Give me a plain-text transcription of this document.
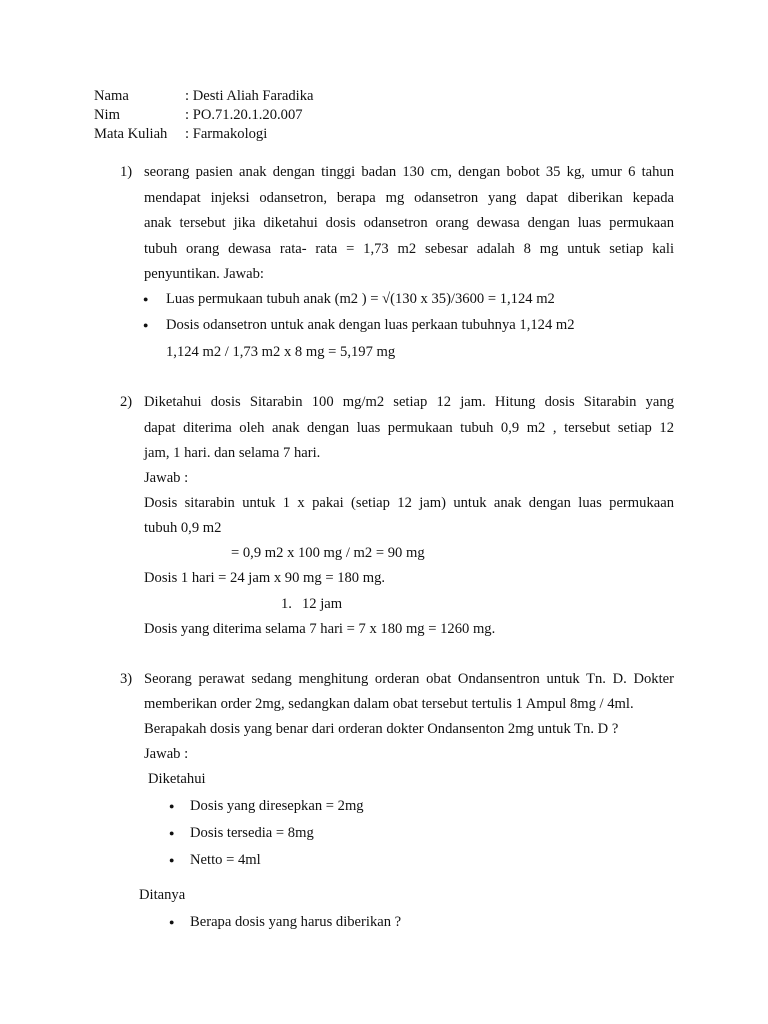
Nama	: Desti Aliah Faradika
Nim	: PO.71.20.1.20.007
Mata Kuliah : Farmakologi
1) seorang pasien anak dengan tinggi badan 130 cm, dengan bobot 35 kg, umur 6 tahun
mendapat injeksi odansetron, berapa mg odansetron yang dapat diberikan kepada
anak tersebut jika diketahui dosis odansetron orang dewasa dengan luas permukaan
tubuh orang dewasa rata- rata = 1,73 m2 sebesar adalah 8 mg untuk setiap kali
penyuntikan. Jawab:
● Luas permukaan tubuh anak (m2 ) = √(130 x 35)/3600 = 1,124 m2
● Dosis odansetron untuk anak dengan luas perkaan tubuhnya 1,124 m2
1,124 m2 / 1,73 m2 x 8 mg = 5,197 mg
2) Diketahui dosis Sitarabin 100 mg/m2 setiap 12 jam. Hitung dosis Sitarabin yang
dapat diterima oleh anak dengan luas permukaan tubuh 0,9 m2 , tersebut setiap 12
jam, 1 hari. dan selama 7 hari.
Jawab :
Dosis sitarabin untuk 1 x pakai (setiap 12 jam) untuk anak dengan luas permukaan
tubuh 0,9 m2
= 0,9 m2 x 100 mg / m2 = 90 mg
Dosis 1 hari = 24 jam x 90 mg = 180 mg.
1. 12 jam
Dosis yang diterima selama 7 hari = 7 x 180 mg = 1260 mg.
3) Seorang perawat sedang menghitung orderan obat Ondansentron untuk Tn. D. Dokter
memberikan order 2mg, sedangkan dalam obat tersebut tertulis 1 Ampul 8mg / 4ml.
Berapakah dosis yang benar dari orderan dokter Ondansenton 2mg untuk Tn. D ?
Jawab :
Diketahui
● Dosis yang diresepkan = 2mg
● Dosis tersedia = 8mg
● Netto = 4ml
Ditanya
● Berapa dosis yang harus diberikan ?
